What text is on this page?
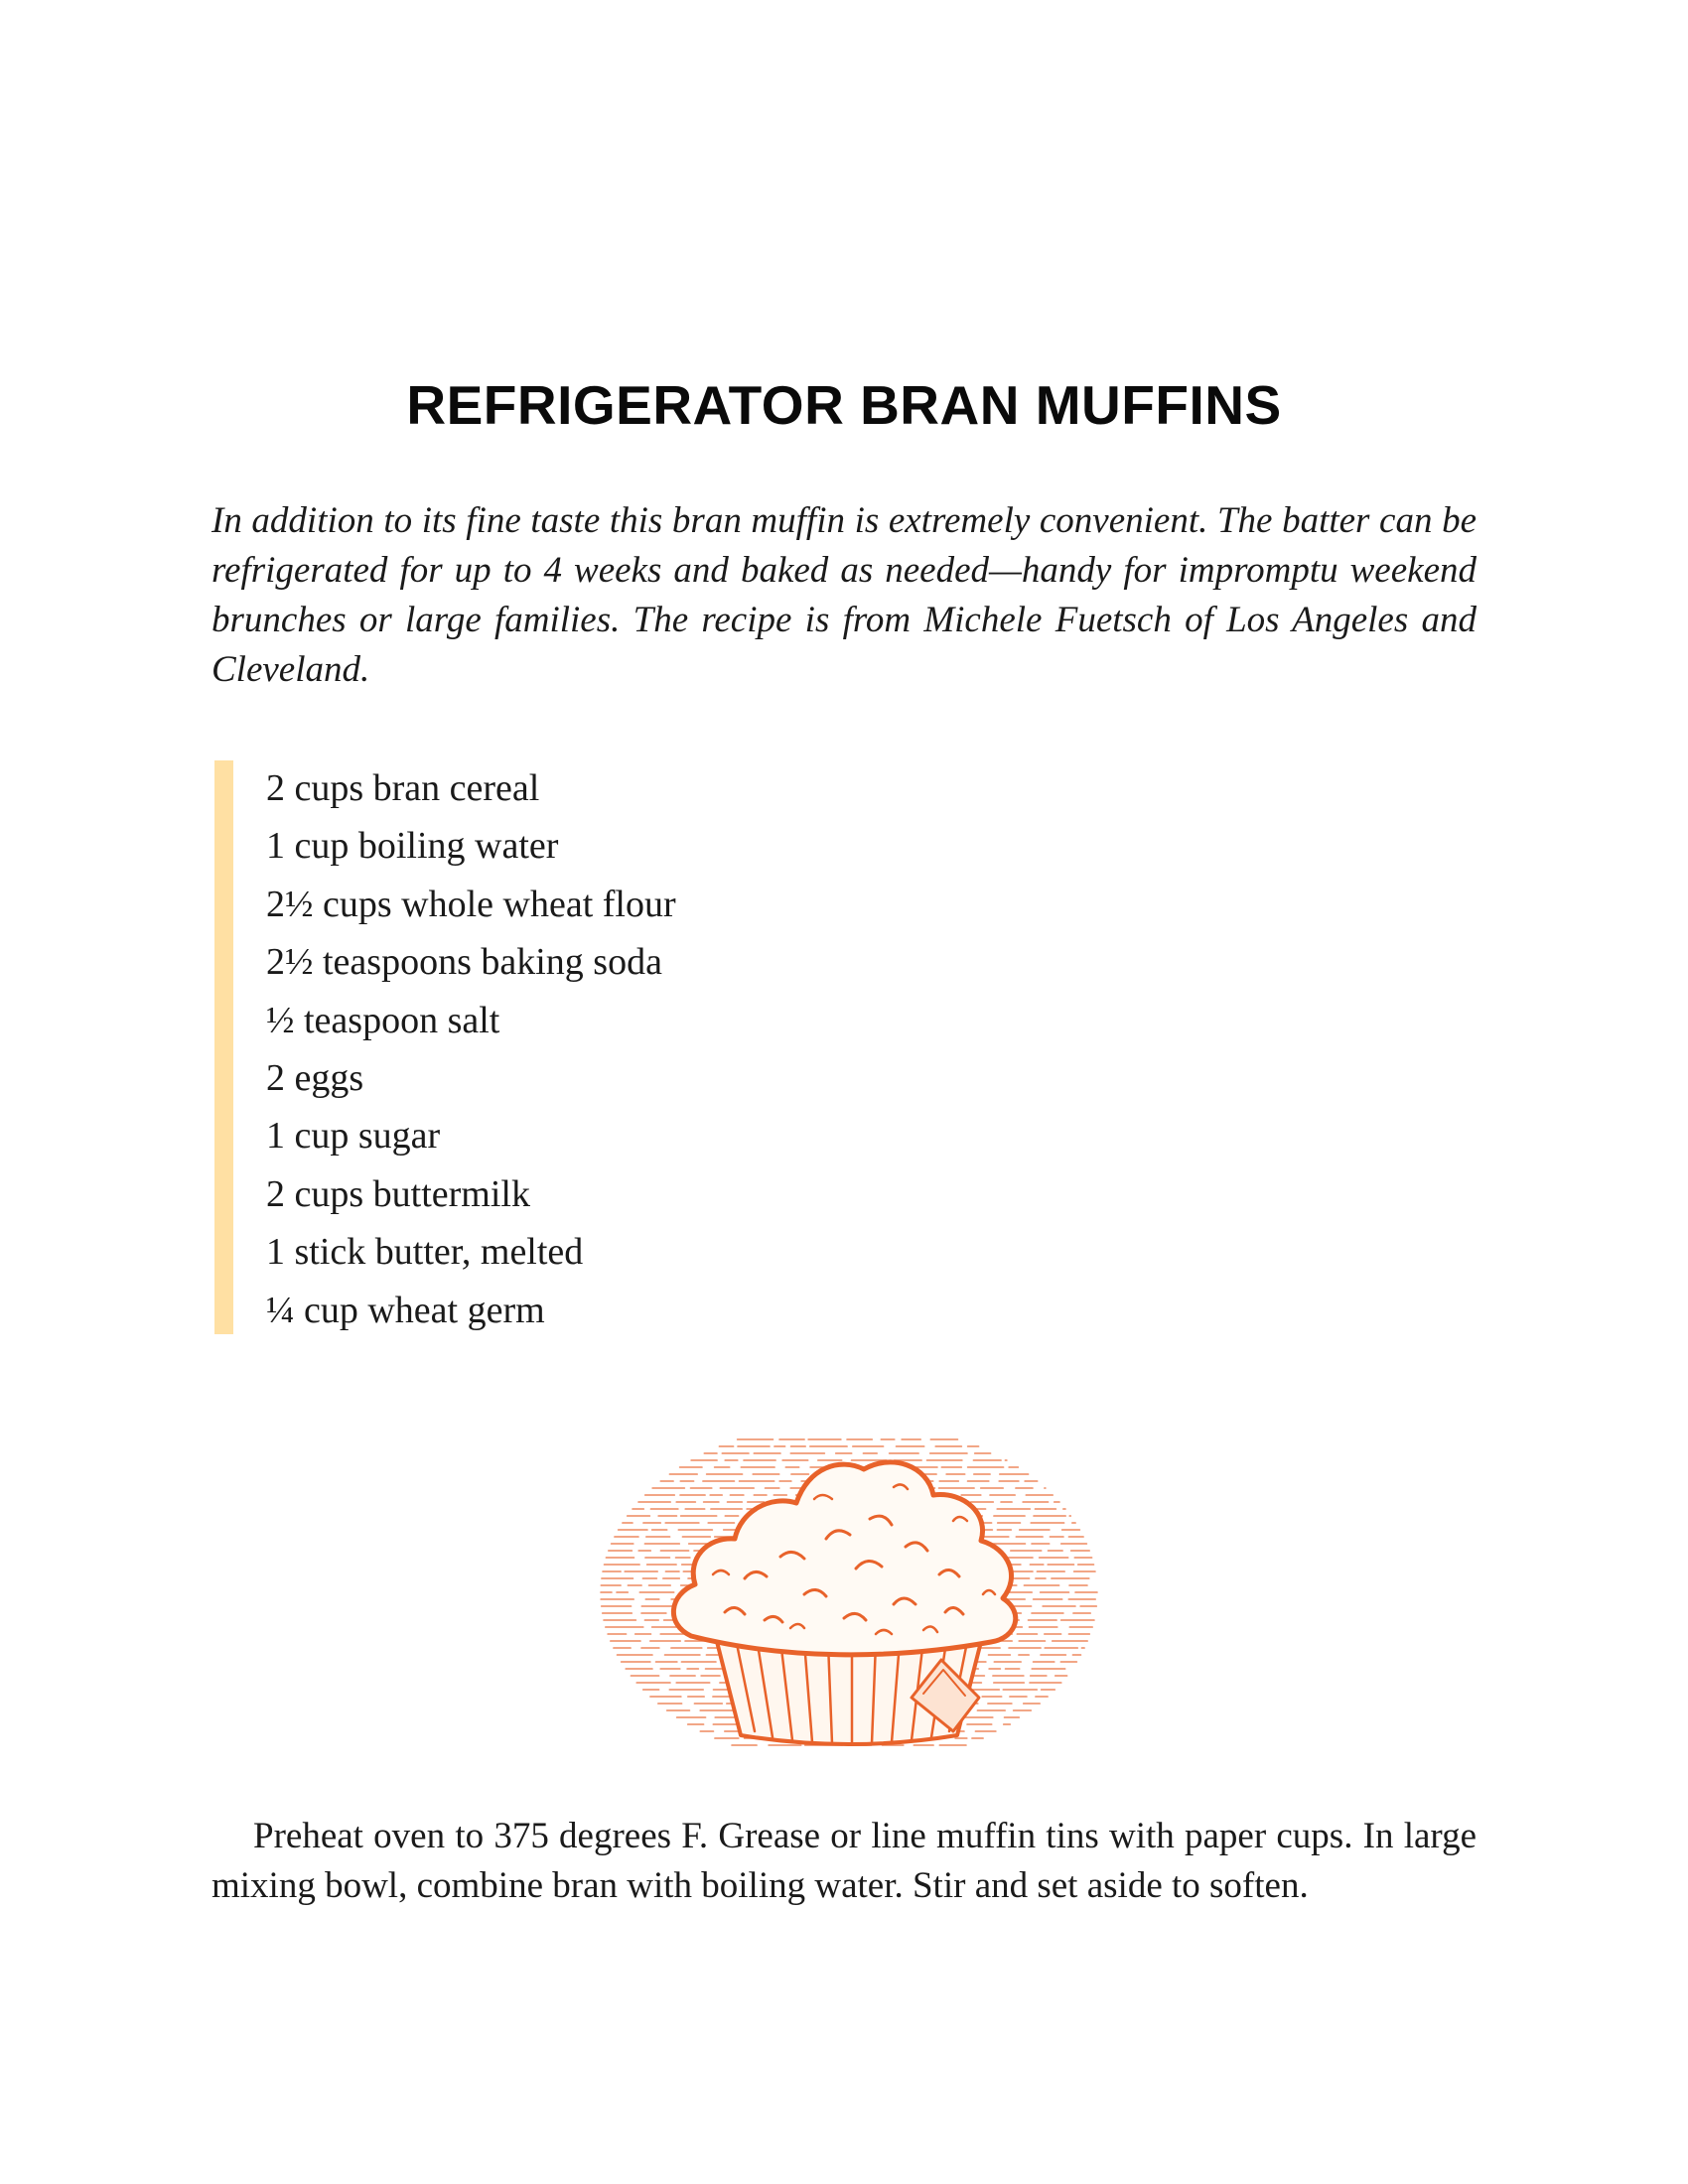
REFRIGERATOR BRAN MUFFINS

In addition to its fine taste this bran muffin is extremely convenient. The batter can be refrigerated for up to 4 weeks and baked as needed—handy for impromptu weekend brunches or large families. The recipe is from Michele Fuetsch of Los Angeles and Cleveland.

2 cups bran cereal
1 cup boiling water
2½ cups whole wheat flour
2½ teaspoons baking soda
½ teaspoon salt
2 eggs
1 cup sugar
2 cups buttermilk
1 stick butter, melted
¼ cup wheat germ

Preheat oven to 375 degrees F. Grease or line muffin tins with paper cups. In large mixing bowl, combine bran with boiling water. Stir and set aside to soften.
